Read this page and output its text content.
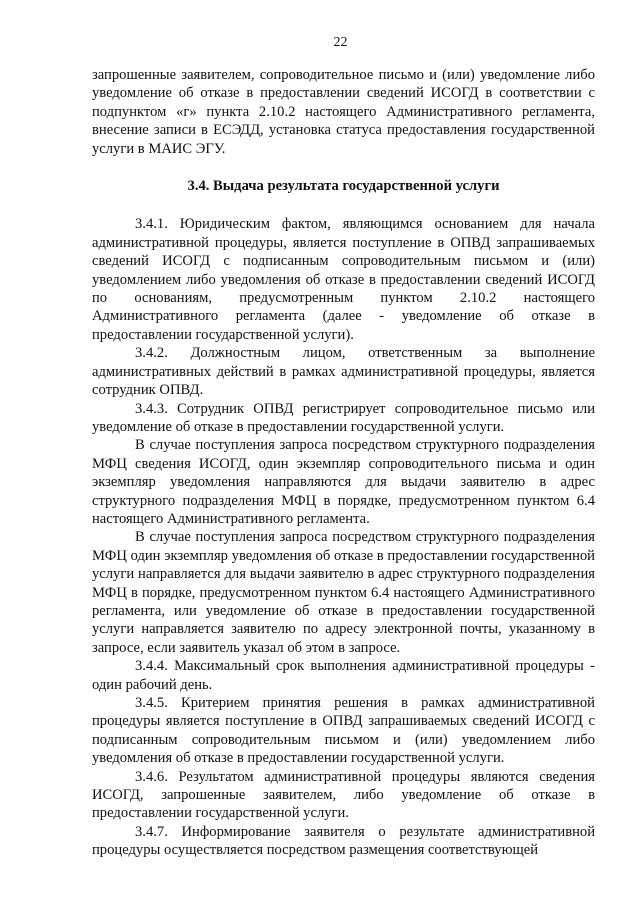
22

запрошенные заявителем, сопроводительное письмо и (или) уведомление либо уведомление об отказе в предоставлении сведений ИСОГД в соответствии с подпунктом «г» пункта 2.10.2 настоящего Административного регламента, внесение записи в ЕСЭДД, установка статуса предоставления государственной услуги в МАИС ЭГУ.

3.4. Выдача результата государственной услуги

3.4.1. Юридическим фактом, являющимся основанием для начала административной процедуры, является поступление в ОПВД запрашиваемых сведений ИСОГД с подписанным сопроводительным письмом и (или) уведомлением либо уведомления об отказе в предоставлении сведений ИСОГД по основаниям, предусмотренным пунктом 2.10.2 настоящего Административного регламента (далее - уведомление об отказе в предоставлении государственной услуги).

3.4.2. Должностным лицом, ответственным за выполнение административных действий в рамках административной процедуры, является сотрудник ОПВД.

3.4.3. Сотрудник ОПВД регистрирует сопроводительное письмо или уведомление об отказе в предоставлении государственной услуги.

В случае поступления запроса посредством структурного подразделения МФЦ сведения ИСОГД, один экземпляр сопроводительного письма и один экземпляр уведомления направляются для выдачи заявителю в адрес структурного подразделения МФЦ в порядке, предусмотренном пунктом 6.4 настоящего Административного регламента.

В случае поступления запроса посредством структурного подразделения МФЦ один экземпляр уведомления об отказе в предоставлении государственной услуги направляется для выдачи заявителю в адрес структурного подразделения МФЦ в порядке, предусмотренном пунктом 6.4 настоящего Административного регламента, или уведомление об отказе в предоставлении государственной услуги направляется заявителю по адресу электронной почты, указанному в запросе, если заявитель указал об этом в запросе.

3.4.4. Максимальный срок выполнения административной процедуры - один рабочий день.

3.4.5. Критерием принятия решения в рамках административной процедуры является поступление в ОПВД запрашиваемых сведений ИСОГД с подписанным сопроводительным письмом и (или) уведомлением либо уведомления об отказе в предоставлении государственной услуги.

3.4.6. Результатом административной процедуры являются сведения ИСОГД, запрошенные заявителем, либо уведомление об отказе в предоставлении государственной услуги.

3.4.7. Информирование заявителя о результате административной процедуры осуществляется посредством размещения соответствующей
